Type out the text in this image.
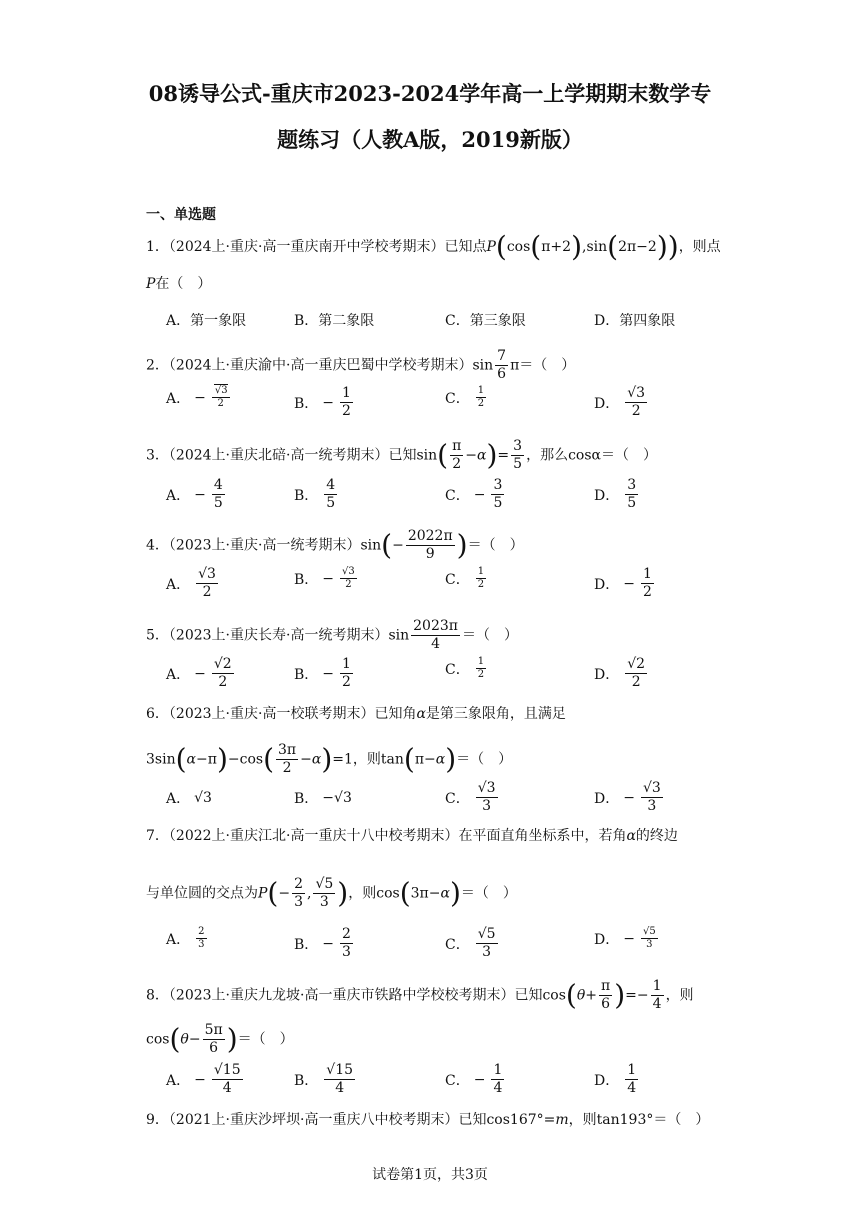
08诱导公式-重庆市2023-2024学年高一上学期期末数学专
题练习（人教A版，2019新版）
一、单选题
1．（2024上·重庆·高一重庆南开中学校考期末）已知点P(cos(π+2),sin(2π−2))，则点
P在（　）
A．第一象限	B．第二象限	C．第三象限	D．第四象限
2．（2024上·重庆渝中·高一重庆巴蜀中学校考期末）$\sin \frac{7}{6} \pi=$（　）
A． − $\frac{√3}{2}$	B． − $\frac{1}{2}$	C． $\frac{1}{2}$	D． $\frac{√3}{2}$
3．（2024上·重庆北碚·高一统考期末）已知$\sin( \frac{\pi}{2} -\alpha)= \frac{3}{5}$ ，那么cosα＝（　）
A． − $\frac{4}{5}$	B． $\frac{4}{5}$	C． − $\frac{3}{5}$	D． $\frac{3}{5}$
4．（2023上·重庆·高一统考期末）$\sin(- \frac{2022\pi}{9}$ )＝（　）
A． $\frac{√3}{2}$	B． − $\frac{√3}{2}$	C． $\frac{1}{2}$	D． − $\frac{1}{2}$
5．（2023上·重庆长寿·高一统考期末）$\sin \frac{2023\pi}{4}$ ＝（　）
A． − $\frac{√2}{2}$	B． − $\frac{1}{2}$	C． $\frac{1}{2}$	D． $\frac{√2}{2}$
6．（2023上·重庆·高一校联考期末）已知角α是第三象限角，且满足
$3\sin(\alpha-\pi)-\cos( \frac{3\pi}{2} -\alpha)=1$，则tan(π−α)＝（　）
A． √3	B． −√3	C． $\frac{√3}{3}$	D． − $\frac{√3}{3}$
7．（2022上·重庆江北·高一重庆十八中校考期末）在平面直角坐标系中，若角α的终边
与单位圆的交点为$P(- \frac{2}{3}$ , $\frac{√5}{3}$ )，则cos(3π−α)＝（　）
A． $\frac{2}{3}$	B． − $\frac{2}{3}$	C． $\frac{√5}{3}$	D． − $\frac{√5}{3}$
8．（2023上·重庆九龙坡·高一重庆市铁路中学校校考期末）已知$\cos(\theta+ \frac{\pi}{6}$ )=− $\frac{1}{4}$ ，则
$\cos(\theta- \frac{5\pi}{6}$ )＝（　）
A． − $\frac{√15}{4}$	B． $\frac{√15}{4}$	C． − $\frac{1}{4}$	D． $\frac{1}{4}$
9．（2021上·重庆沙坪坝·高一重庆八中校考期末）已知cos167°=m，则tan193°＝（　）
试卷第1页，共3页
